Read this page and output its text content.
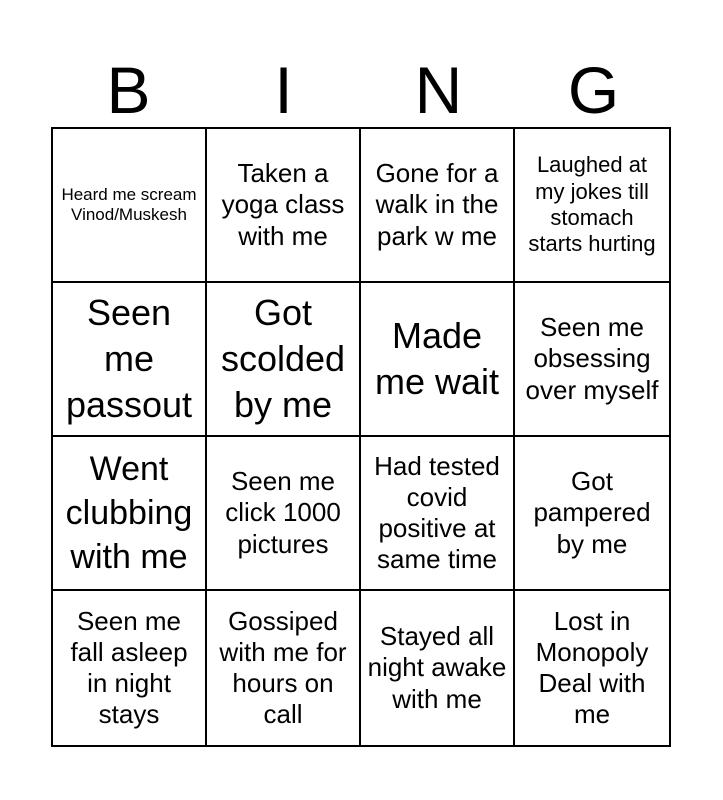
B	I	N	G
Heard me scream Vinod/Muskesh
Taken a yoga class with me
Gone for a walk in the park w me
Laughed at my jokes till stomach starts hurting
Seen me passout
Got scolded by me
Made me wait
Seen me obsessing over myself
Went clubbing with me
Seen me click 1000 pictures
Had tested covid positive at same time
Got pampered by me
Seen me fall asleep in night stays
Gossiped with me for hours on call
Stayed all night awake with me
Lost in Monopoly Deal with me
